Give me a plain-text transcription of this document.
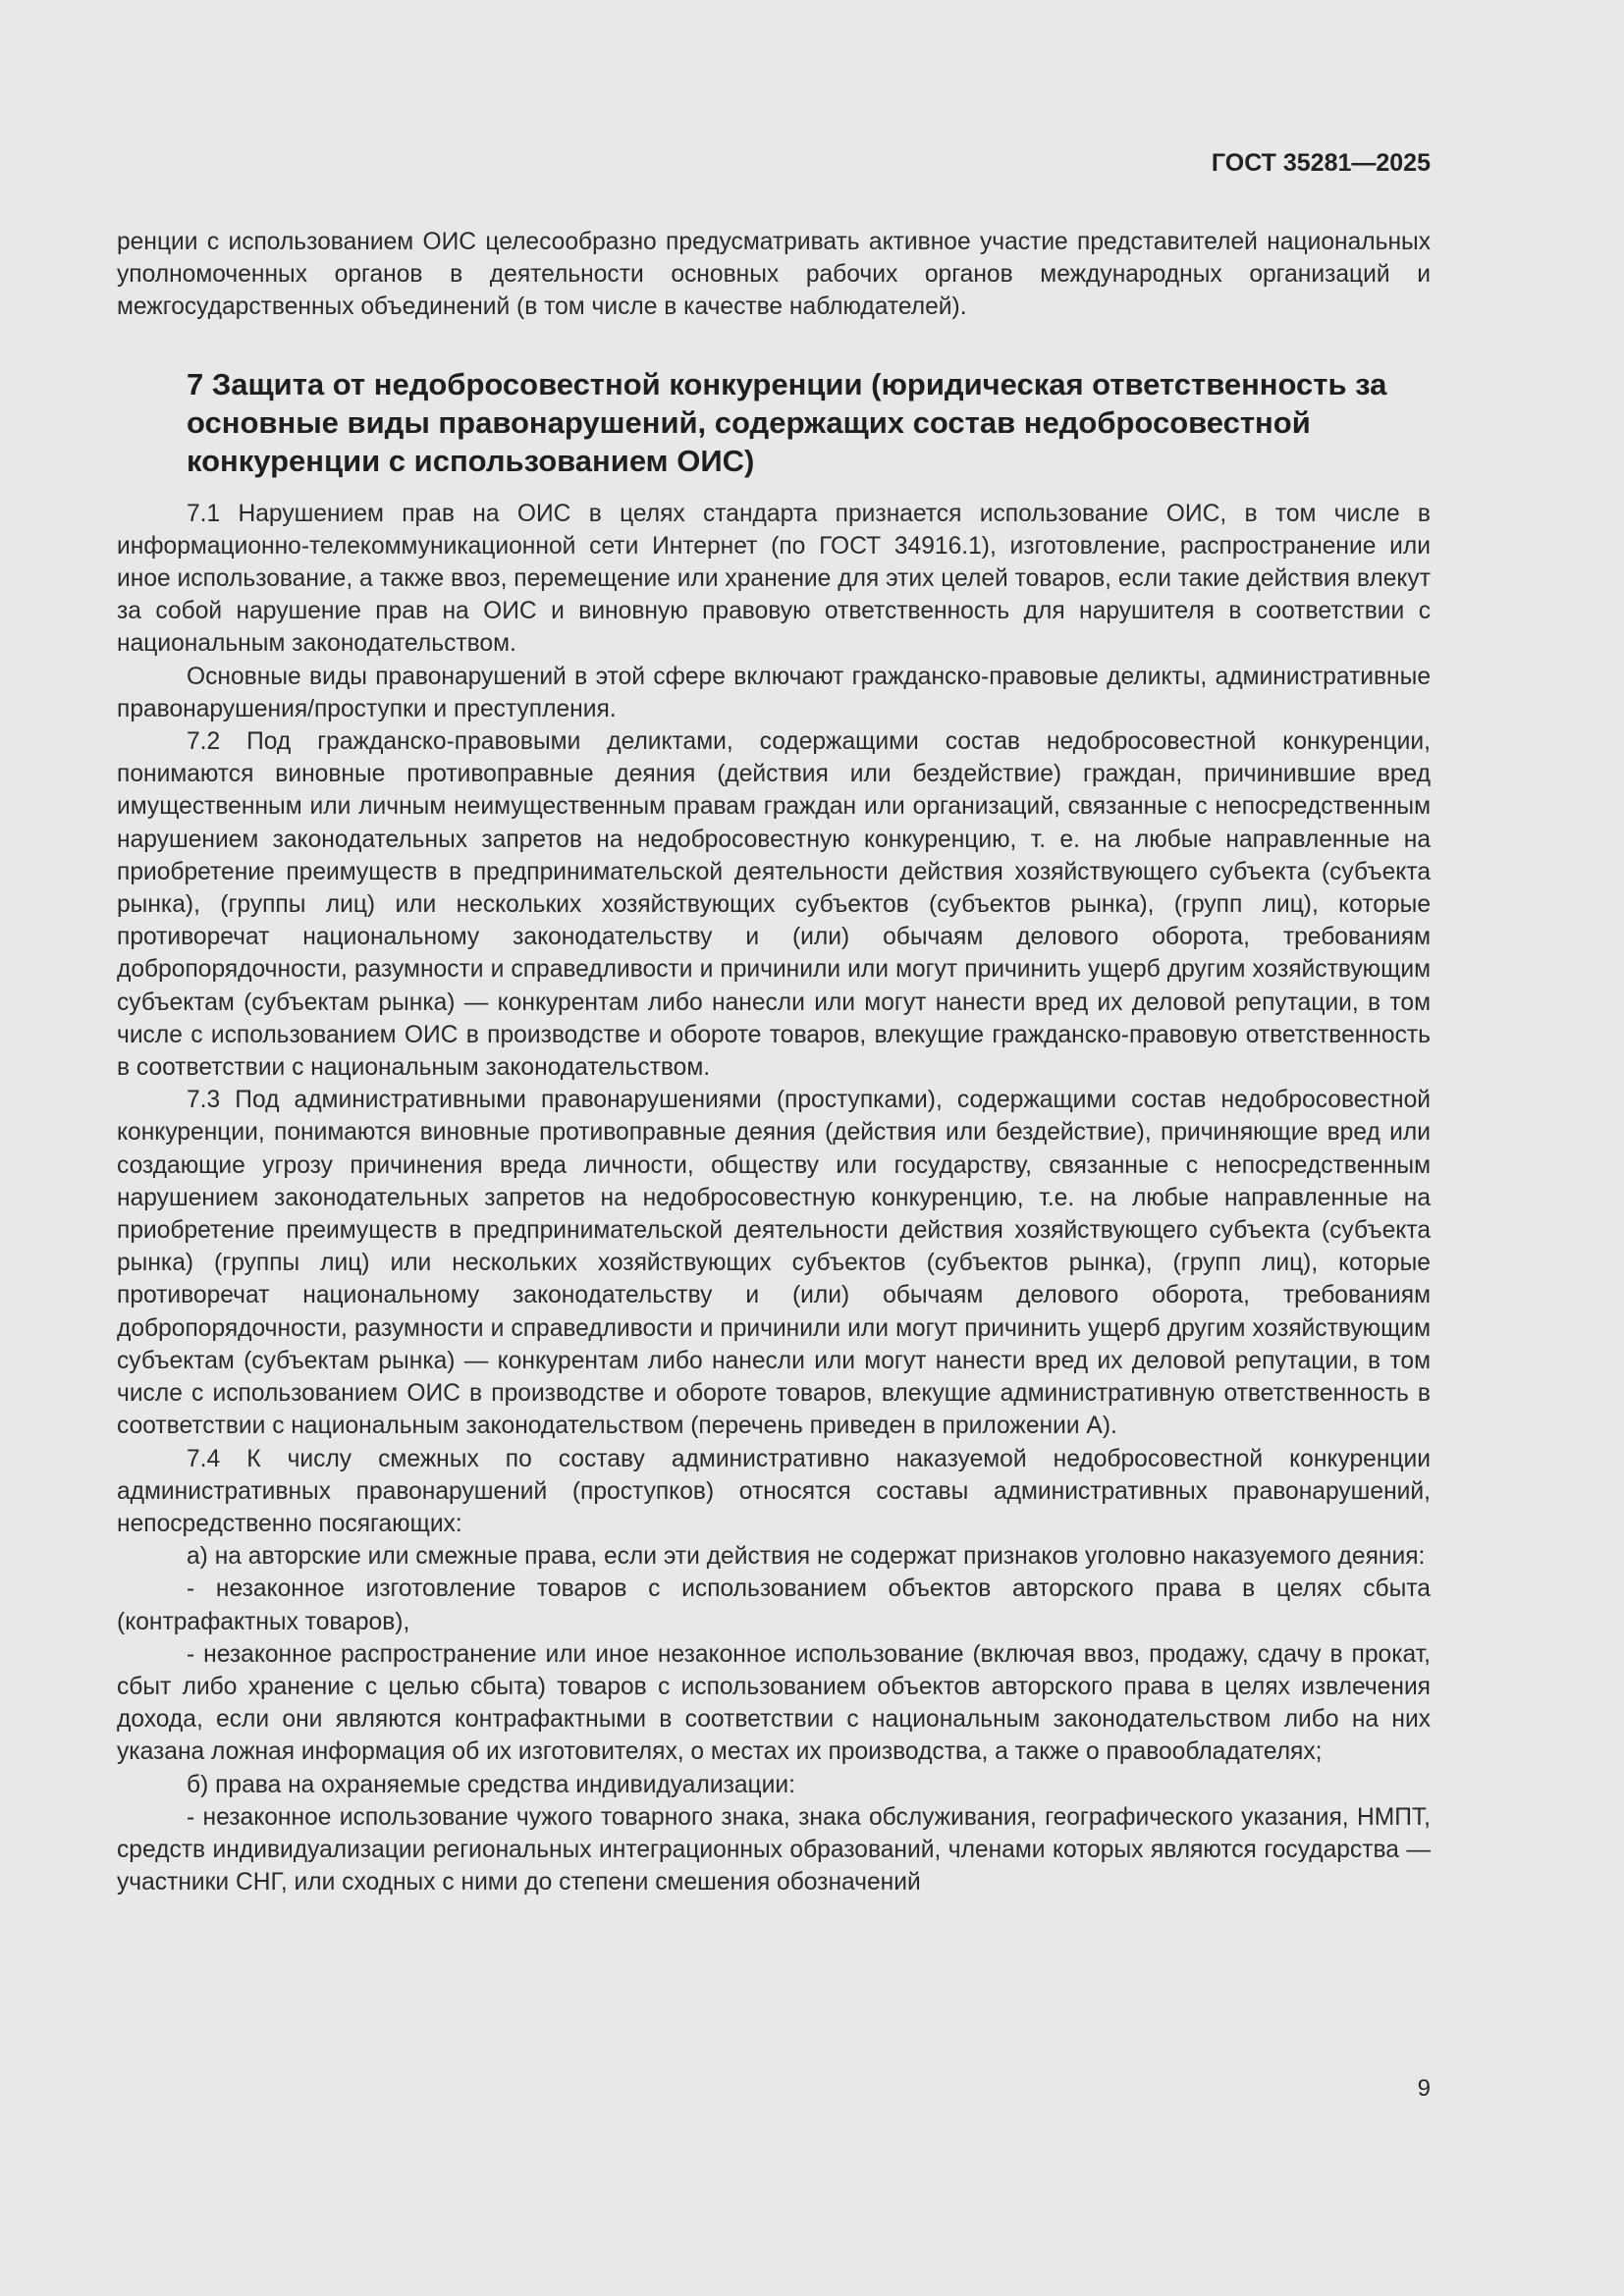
ГОСТ 35281—2025

ренции с использованием ОИС целесообразно предусматривать активное участие представителей национальных уполномоченных органов в деятельности основных рабочих органов международных организаций и межгосударственных объединений (в том числе в качестве наблюдателей).

7 Защита от недобросовестной конкуренции (юридическая ответственность за основные виды правонарушений, содержащих состав недобросовестной конкуренции с использованием ОИС)

7.1 Нарушением прав на ОИС в целях стандарта признается использование ОИС, в том числе в информационно-телекоммуникационной сети Интернет (по ГОСТ 34916.1), изготовление, распространение или иное использование, а также ввоз, перемещение или хранение для этих целей товаров, если такие действия влекут за собой нарушение прав на ОИС и виновную правовую ответственность для нарушителя в соответствии с национальным законодательством.

Основные виды правонарушений в этой сфере включают гражданско-правовые деликты, административные правонарушения/проступки и преступления.

7.2 Под гражданско-правовыми деликтами, содержащими состав недобросовестной конкуренции, понимаются виновные противоправные деяния (действия или бездействие) граждан, причинившие вред имущественным или личным неимущественным правам граждан или организаций, связанные с непосредственным нарушением законодательных запретов на недобросовестную конкуренцию, т. е. на любые направленные на приобретение преимуществ в предпринимательской деятельности действия хозяйствующего субъекта (субъекта рынка), (группы лиц) или нескольких хозяйствующих субъектов (субъектов рынка), (групп лиц), которые противоречат национальному законодательству и (или) обычаям делового оборота, требованиям добропорядочности, разумности и справедливости и причинили или могут причинить ущерб другим хозяйствующим субъектам (субъектам рынка) — конкурентам либо нанесли или могут нанести вред их деловой репутации, в том числе с использованием ОИС в производстве и обороте товаров, влекущие гражданско-правовую ответственность в соответствии с национальным законодательством.

7.3 Под административными правонарушениями (проступками), содержащими состав недобросовестной конкуренции, понимаются виновные противоправные деяния (действия или бездействие), причиняющие вред или создающие угрозу причинения вреда личности, обществу или государству, связанные с непосредственным нарушением законодательных запретов на недобросовестную конкуренцию, т.е. на любые направленные на приобретение преимуществ в предпринимательской деятельности действия хозяйствующего субъекта (субъекта рынка) (группы лиц) или нескольких хозяйствующих субъектов (субъектов рынка), (групп лиц), которые противоречат национальному законодательству и (или) обычаям делового оборота, требованиям добропорядочности, разумности и справедливости и причинили или могут причинить ущерб другим хозяйствующим субъектам (субъектам рынка) — конкурентам либо нанесли или могут нанести вред их деловой репутации, в том числе с использованием ОИС в производстве и обороте товаров, влекущие административную ответственность в соответствии с национальным законодательством (перечень приведен в приложении А).

7.4 К числу смежных по составу административно наказуемой недобросовестной конкуренции административных правонарушений (проступков) относятся составы административных правонарушений, непосредственно посягающих:

а) на авторские или смежные права, если эти действия не содержат признаков уголовно наказуемого деяния:

- незаконное изготовление товаров с использованием объектов авторского права в целях сбыта (контрафактных товаров),

- незаконное распространение или иное незаконное использование (включая ввоз, продажу, сдачу в прокат, сбыт либо хранение с целью сбыта) товаров с использованием объектов авторского права в целях извлечения дохода, если они являются контрафактными в соответствии с национальным законодательством либо на них указана ложная информация об их изготовителях, о местах их производства, а также о правообладателях;

б) права на охраняемые средства индивидуализации:

- незаконное использование чужого товарного знака, знака обслуживания, географического указания, НМПТ, средств индивидуализации региональных интеграционных образований, членами которых являются государства — участники СНГ, или сходных с ними до степени смешения обозначений

9
